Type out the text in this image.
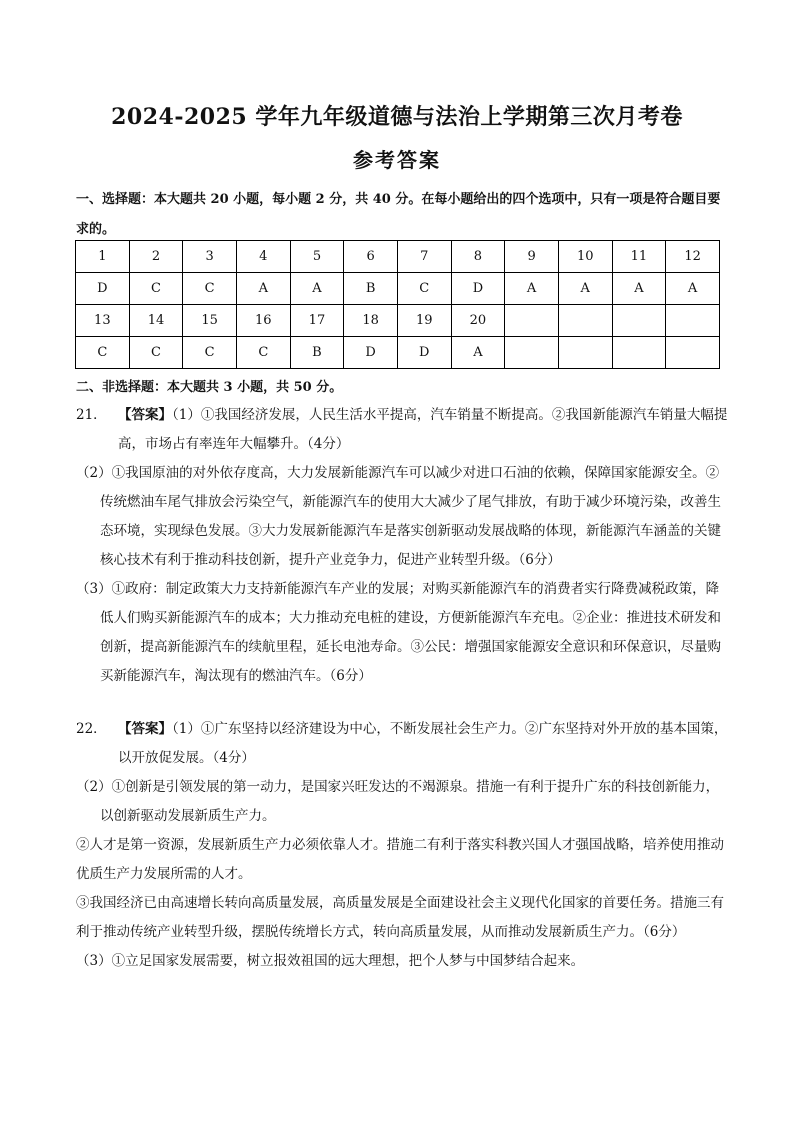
2024-2025 学年九年级道德与法治上学期第三次月考卷
参考答案
一、选择题：本大题共 20 小题，每小题 2 分，共 40 分。在每小题给出的四个选项中，只有一项是符合题目要求的。
1	2	3	4	5	6	7	8	9	10	11	12
D	C	C	A	A	B	C	D	A	A	A	A
13	14	15	16	17	18	19	20				
C	C	C	C	B	D	D	A				
二、非选择题：本大题共 3 小题，共 50 分。

21． 【答案】（1）①我国经济发展，人民生活水平提高，汽车销量不断提高。②我国新能源汽车销量大幅提高，市场占有率连年大幅攀升。（4分）

（2）①我国原油的对外依存度高，大力发展新能源汽车可以减少对进口石油的依赖，保障国家能源安全。②传统燃油车尾气排放会污染空气，新能源汽车的使用大大减少了尾气排放，有助于减少环境污染，改善生态环境，实现绿色发展。③大力发展新能源汽车是落实创新驱动发展战略的体现，新能源汽车涵盖的关键核心技术有利于推动科技创新，提升产业竞争力，促进产业转型升级。（6分）

（3）①政府：制定政策大力支持新能源汽车产业的发展；对购买新能源汽车的消费者实行降费减税政策，降低人们购买新能源汽车的成本；大力推动充电桩的建设，方便新能源汽车充电。②企业：推进技术研发和创新，提高新能源汽车的续航里程，延长电池寿命。③公民：增强国家能源安全意识和环保意识，尽量购买新能源汽车，淘汰现有的燃油汽车。（6分）

22． 【答案】（1）①广东坚持以经济建设为中心，不断发展社会生产力。②广东坚持对外开放的基本国策，以开放促发展。（4分）

（2）①创新是引领发展的第一动力，是国家兴旺发达的不竭源泉。措施一有利于提升广东的科技创新能力，以创新驱动发展新质生产力。

②人才是第一资源，发展新质生产力必须依靠人才。措施二有利于落实科教兴国人才强国战略，培养使用推动优质生产力发展所需的人才。

③我国经济已由高速增长转向高质量发展，高质量发展是全面建设社会主义现代化国家的首要任务。措施三有利于推动传统产业转型升级，摆脱传统增长方式，转向高质量发展，从而推动发展新质生产力。（6分）

（3）①立足国家发展需要，树立报效祖国的远大理想，把个人梦与中国梦结合起来。
